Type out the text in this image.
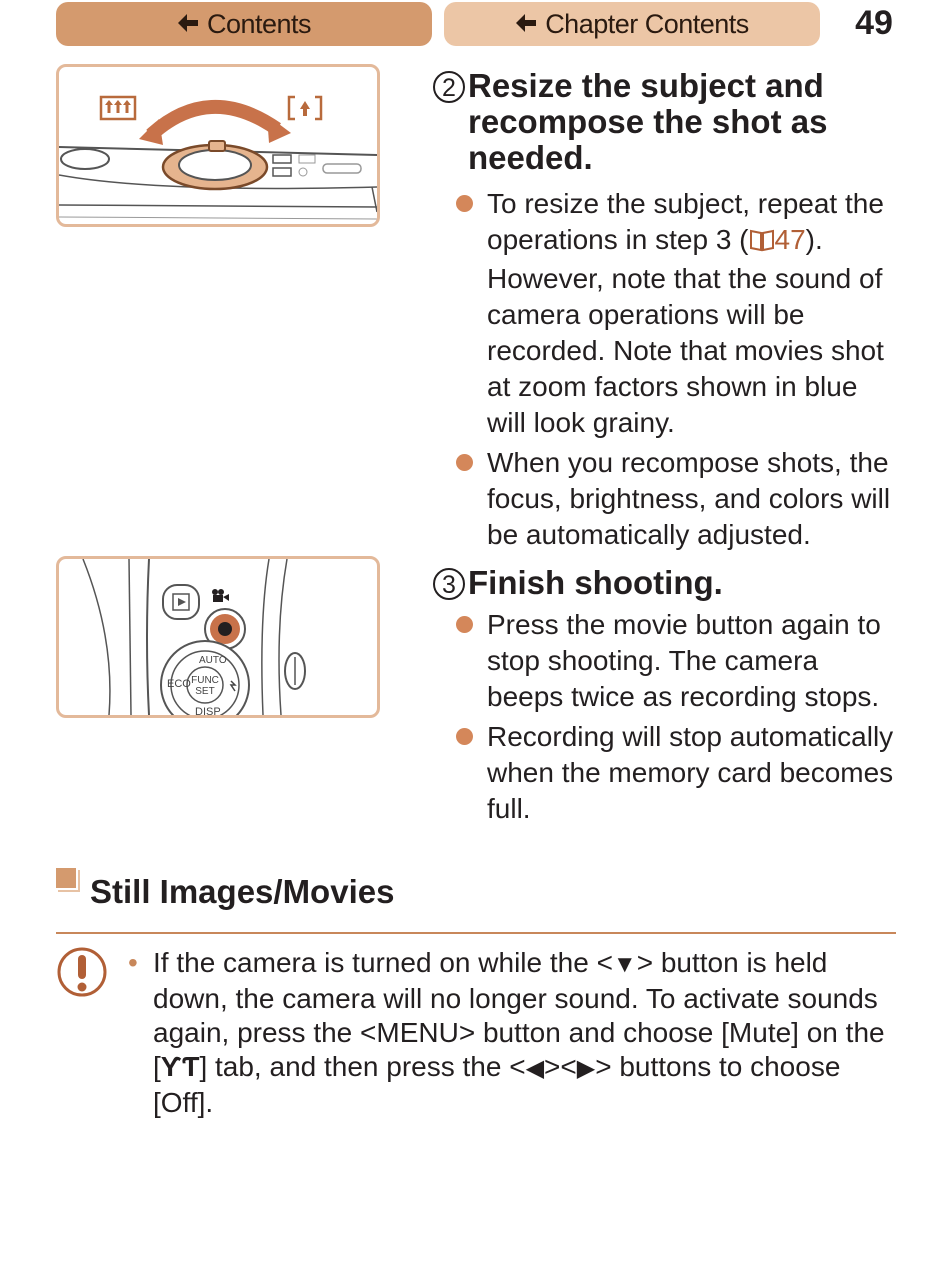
Contents	Chapter Contents	49
2 Resize the subject and recompose the shot as needed.
To resize the subject, repeat the operations in step 3 ( 47). However, note that the sound of camera operations will be recorded. Note that movies shot at zoom factors shown in blue will look grainy.
When you recompose shots, the focus, brightness, and colors will be automatically adjusted.
FUNC
SET
ECO
DISP
AUTO
3 Finish shooting.
Press the movie button again to stop shooting. The camera beeps twice as recording stops.
Recording will stop automatically when the memory card becomes full.
Still Images/Movies
• If the camera is turned on while the <▼> button is held down, the camera will no longer sound. To activate sounds again, press the <MENU> button and choose [Mute] on the [ƳƬ] tab, and then press the <◀><▶> buttons to choose [Off].
